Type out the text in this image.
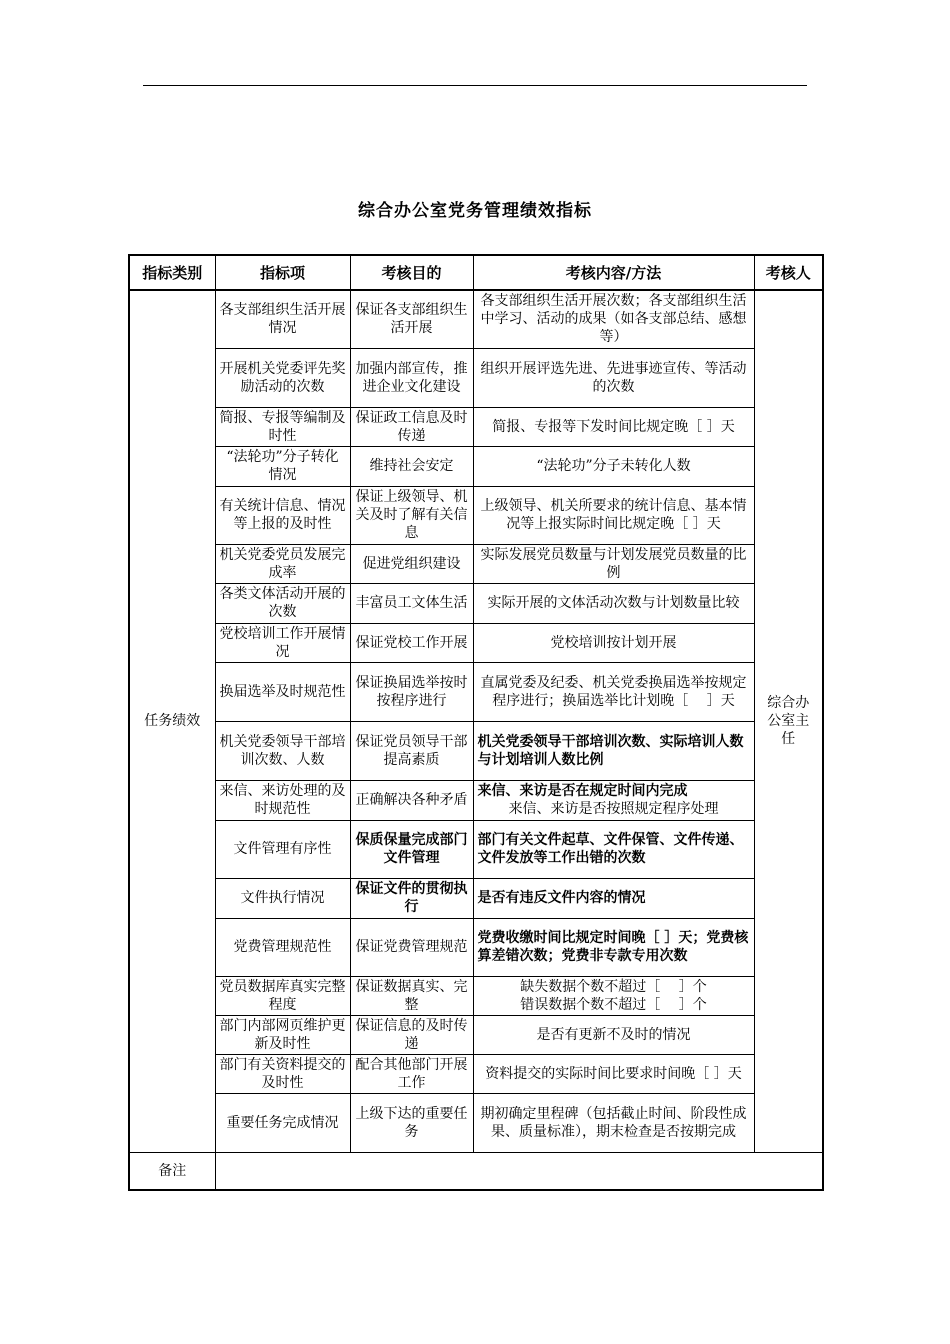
综合办公室党务管理绩效指标
指标类别	指标项	考核目的	考核内容/方法	考核人
任务绩效	各支部组织生活开展情况	保证各支部组织生活开展	各支部组织生活开展次数；各支部组织生活中学习、活动的成果（如各支部总结、感想等）	综合办公室主任
	开展机关党委评先奖励活动的次数	加强内部宣传，推进企业文化建设	组织开展评选先进、先进事迹宣传、等活动的次数	
	简报、专报等编制及时性	保证政工信息及时传递	简报、专报等下发时间比规定晚［ ］天	
	“法轮功”分子转化情况	维持社会安定	“法轮功”分子未转化人数	
	有关统计信息、情况等上报的及时性	保证上级领导、机关及时了解有关信息	上级领导、机关所要求的统计信息、基本情况等上报实际时间比规定晚［ ］天	
	机关党委党员发展完成率	促进党组织建设	实际发展党员数量与计划发展党员数量的比例	
	各类文体活动开展的次数	丰富员工文体生活	实际开展的文体活动次数与计划数量比较	
	党校培训工作开展情况	保证党校工作开展	党校培训按计划开展	
	换届选举及时规范性	保证换届选举按时按程序进行	直属党委及纪委、机关党委换届选举按规定程序进行；换届选举比计划晚［　 ］天	
	机关党委领导干部培训次数、人数	保证党员领导干部提高素质	机关党委领导干部培训次数、实际培训人数与计划培训人数比例	
	来信、来访处理的及时规范性	正确解决各种矛盾	来信、来访是否在规定时间内完成
来信、来访是否按照规定程序处理	

	文件管理有序性	保质保量完成部门文件管理	部门有关文件起草、文件保管、文件传递、文件发放等工作出错的次数	
	文件执行情况	保证文件的贯彻执行	是否有违反文件内容的情况	
	党费管理规范性	保证党费管理规范	党费收缴时间比规定时间晚［ ］天；党费核算差错次数；党费非专款专用次数	
	党员数据库真实完整程度	保证数据真实、完整	缺失数据个数不超过［　 ］个
错误数据个数不超过［　 ］个	

	部门内部网页维护更新及时性	保证信息的及时传递	是否有更新不及时的情况	
	部门有关资料提交的及时性	配合其他部门开展工作	资料提交的实际时间比要求时间晚［ ］天	
	重要任务完成情况	上级下达的重要任务	期初确定里程碑（包括截止时间、阶段性成果、质量标准），期末检查是否按期完成	
备注				
